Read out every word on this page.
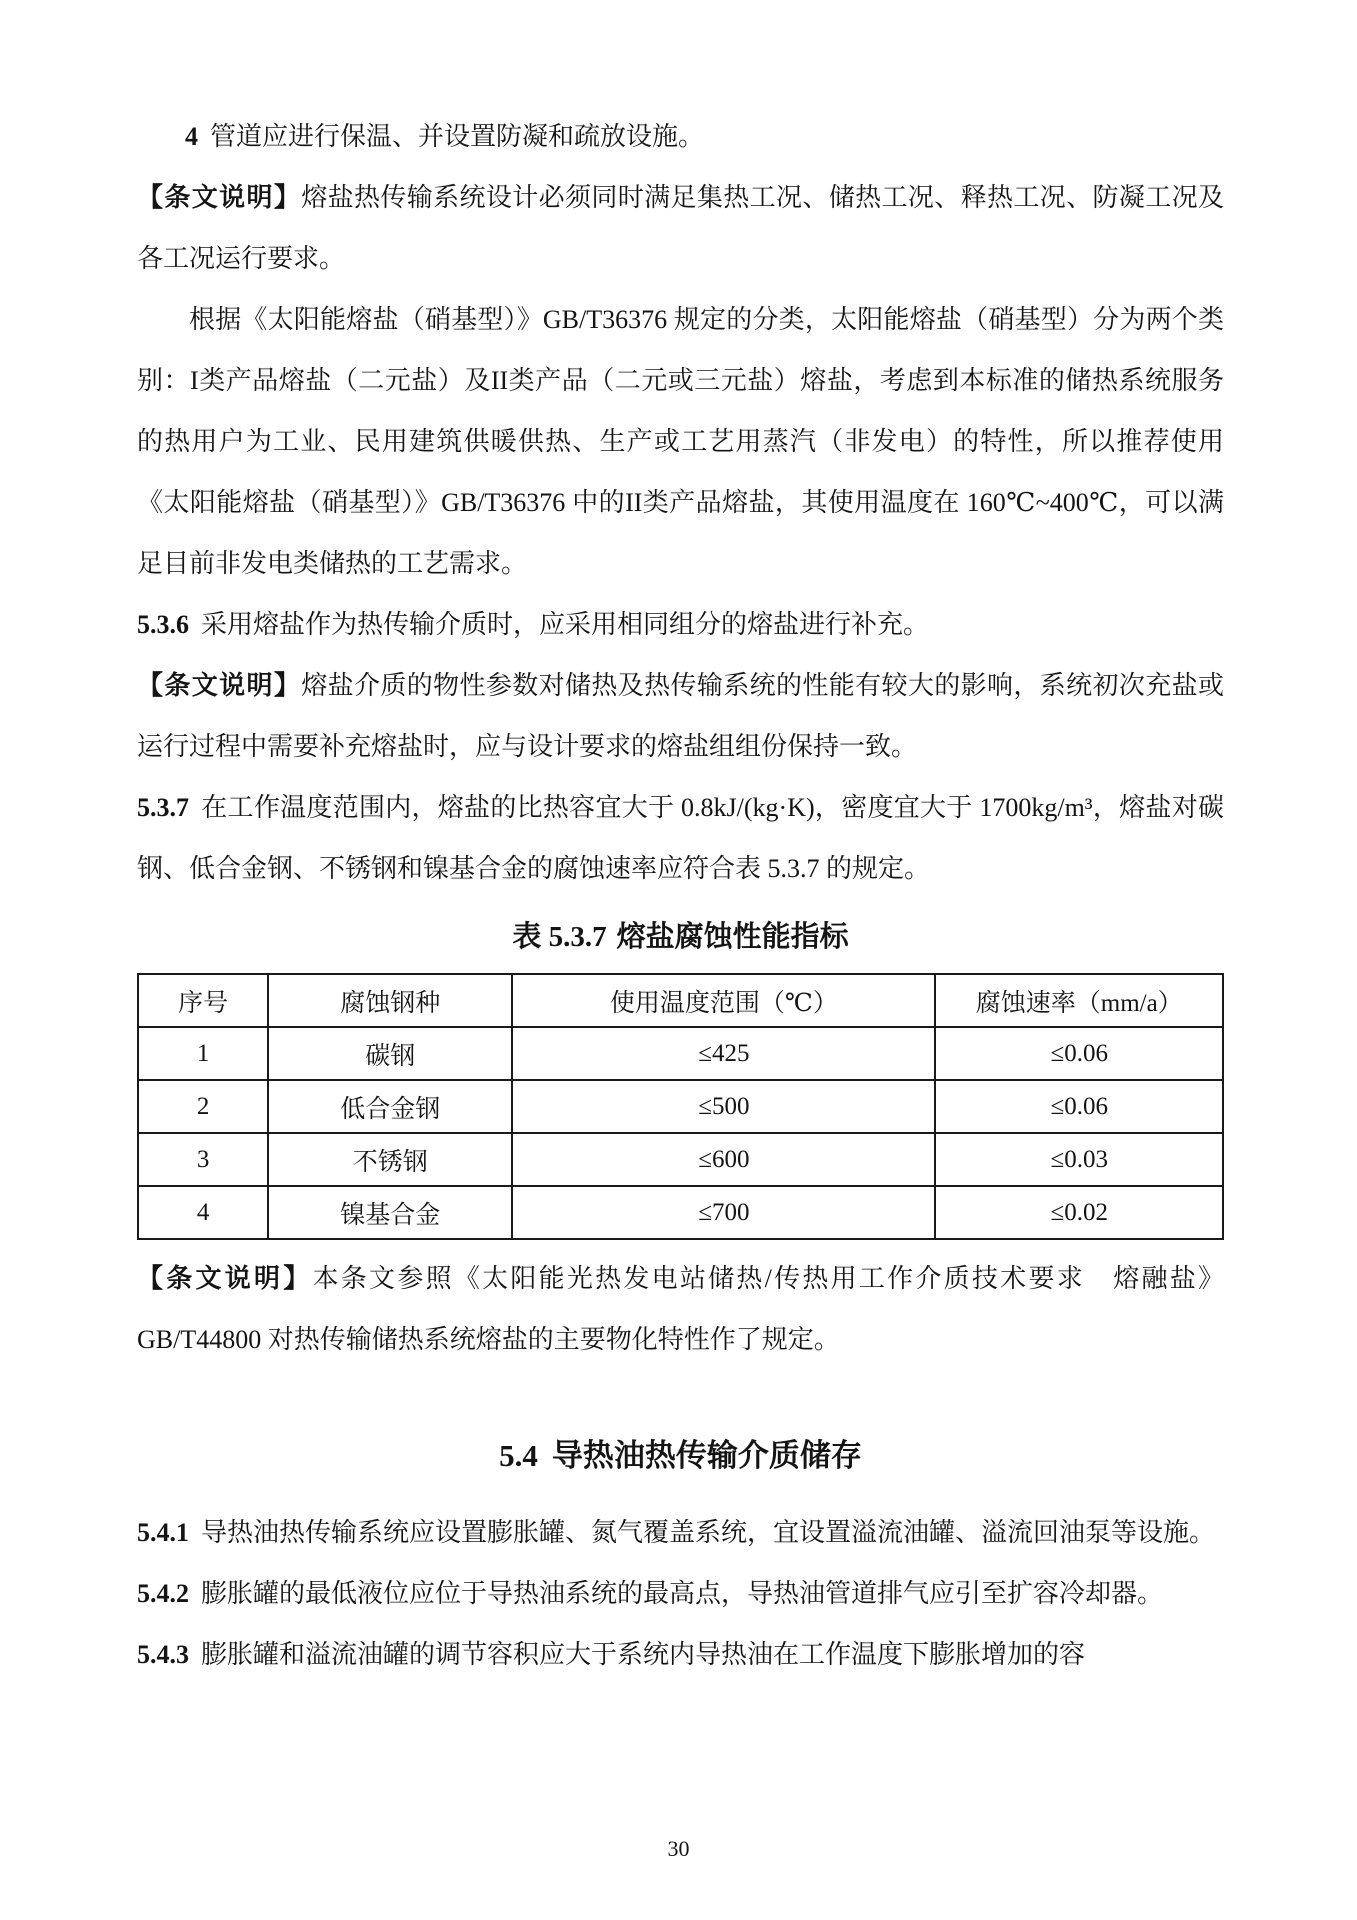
4 管道应进行保温、并设置防凝和疏放设施。

【条文说明】熔盐热传输系统设计必须同时满足集热工况、储热工况、释热工况、防凝工况及各工况运行要求。

根据《太阳能熔盐（硝基型）》GB/T36376 规定的分类，太阳能熔盐（硝基型）分为两个类别：I类产品熔盐（二元盐）及II类产品（二元或三元盐）熔盐，考虑到本标准的储热系统服务的热用户为工业、民用建筑供暖供热、生产或工艺用蒸汽（非发电）的特性，所以推荐使用《太阳能熔盐（硝基型）》GB/T36376 中的II类产品熔盐，其使用温度在 160℃~400℃，可以满足目前非发电类储热的工艺需求。

5.3.6 采用熔盐作为热传输介质时，应采用相同组分的熔盐进行补充。

【条文说明】熔盐介质的物性参数对储热及热传输系统的性能有较大的影响，系统初次充盐或运行过程中需要补充熔盐时，应与设计要求的熔盐组组份保持一致。

5.3.7 在工作温度范围内，熔盐的比热容宜大于 0.8kJ/(kg·K)，密度宜大于 1700kg/m³，熔盐对碳钢、低合金钢、不锈钢和镍基合金的腐蚀速率应符合表 5.3.7 的规定。

表 5.3.7 熔盐腐蚀性能指标
序号	腐蚀钢种	使用温度范围（℃）	腐蚀速率（mm/a）
1	碳钢	≤425	≤0.06
2	低合金钢	≤500	≤0.06
3	不锈钢	≤600	≤0.03
4	镍基合金	≤700	≤0.02

【条文说明】本条文参照《太阳能光热发电站储热/传热用工作介质技术要求　熔融盐》GB/T44800 对热传输储热系统熔盐的主要物化特性作了规定。

5.4 导热油热传输介质储存

5.4.1 导热油热传输系统应设置膨胀罐、氮气覆盖系统，宜设置溢流油罐、溢流回油泵等设施。

5.4.2 膨胀罐的最低液位应位于导热油系统的最高点，导热油管道排气应引至扩容冷却器。

5.4.3 膨胀罐和溢流油罐的调节容积应大于系统内导热油在工作温度下膨胀增加的容

30
